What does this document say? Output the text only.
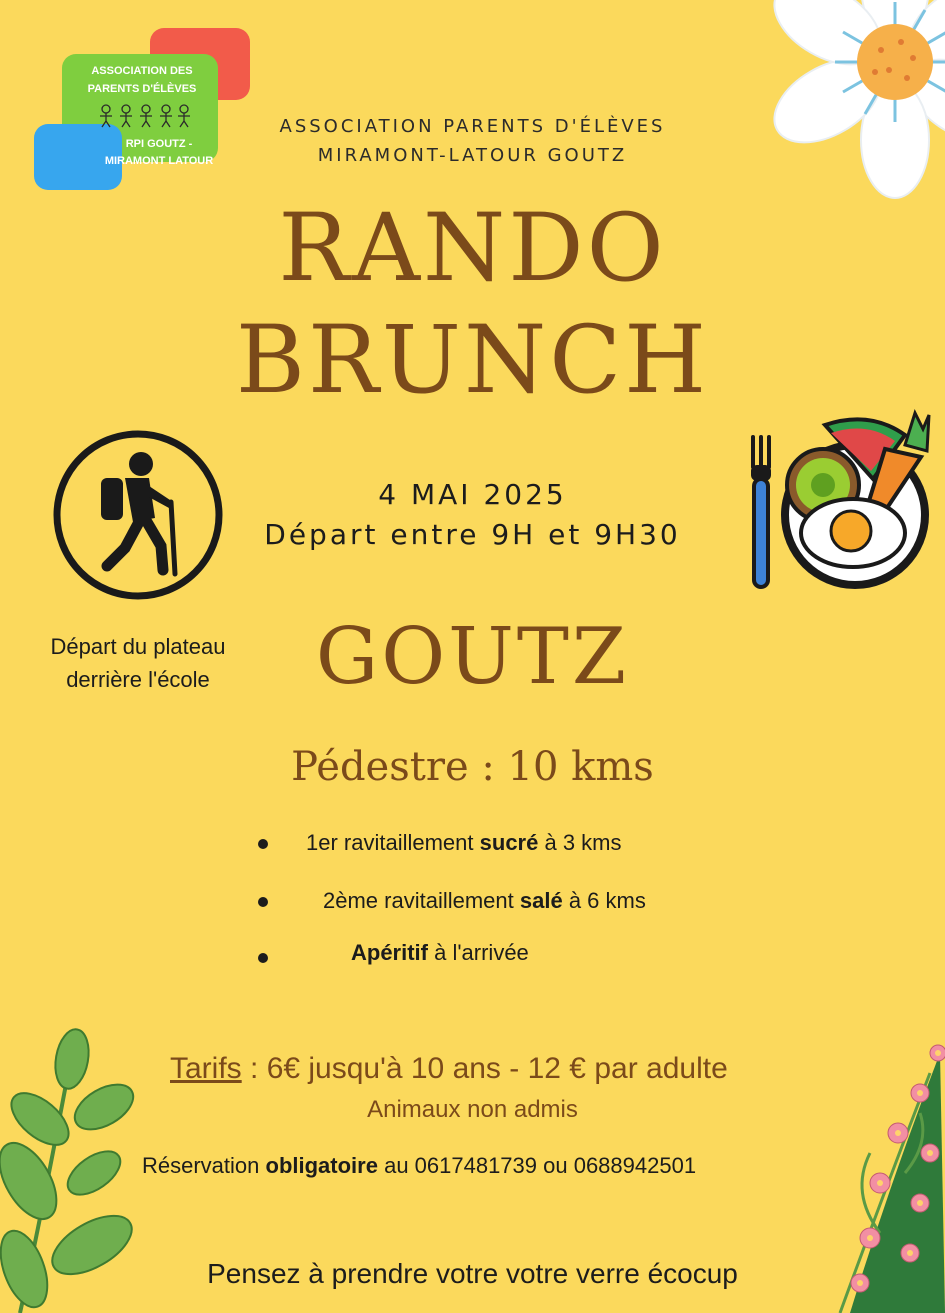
ASSOCIATION DES
PARENTS D'ÉLÈVES
RPI GOUTZ -
MIRAMONT LATOUR
ASSOCIATION PARENTS D'ÉLÈVES
MIRAMONT-LATOUR GOUTZ
RANDO
BRUNCH
4 MAI 2025
Départ entre 9H et 9H30
Départ du plateau
derrière l'école	GOUTZ
Pédestre : 10 kms
1er ravitaillement sucré à 3 kms
2ème ravitaillement salé à 6 kms
Apéritif à l'arrivée
Tarifs : 6€ jusqu'à 10 ans - 12 € par adulte
Animaux non admis
Réservation obligatoire au 0617481739 ou 0688942501
Pensez à prendre votre votre verre écocup
